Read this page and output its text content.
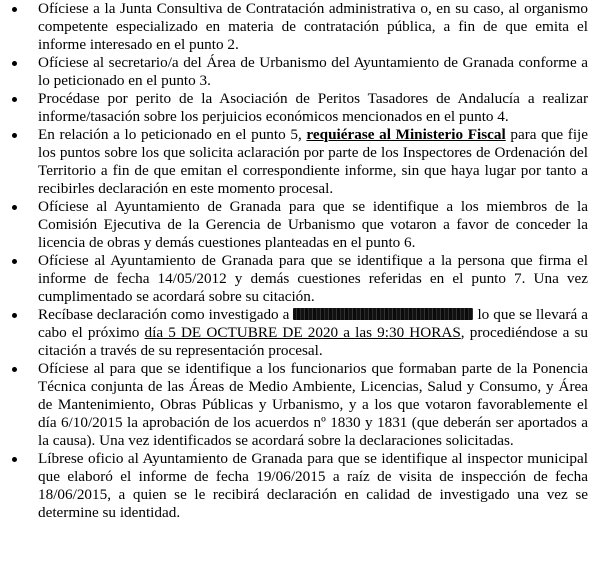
Ofíciese a la Junta Consultiva de Contratación administrativa o, en su caso, al organismo competente especializado en materia de contratación pública, a fin de que emita el informe interesado en el punto 2.
Ofíciese al secretario/a del Área de Urbanismo del Ayuntamiento de Granada conforme a lo peticionado en el punto 3.
Procédase por perito de la Asociación de Peritos Tasadores de Andalucía a realizar informe/tasación sobre los perjuicios económicos mencionados en el punto 4.
En relación a lo peticionado en el punto 5, requiérase al Ministerio Fiscal para que fije los puntos sobre los que solicita aclaración por parte de los Inspectores de Ordenación del Territorio a fin de que emitan el correspondiente informe, sin que haya lugar por tanto a recibirles declaración en este momento procesal.
Ofíciese al Ayuntamiento de Granada para que se identifique a los miembros de la Comisión Ejecutiva de la Gerencia de Urbanismo que votaron a favor de conceder la licencia de obras y demás cuestiones planteadas en el punto 6.
Ofíciese al Ayuntamiento de Granada para que se identifique a la persona que firma el informe de fecha 14/05/2012 y demás cuestiones referidas en el punto 7. Una vez cumplimentado se acordará sobre su citación.
Recíbase declaración como investigado a	lo que se llevará a cabo el próximo día 5 DE OCTUBRE DE 2020 a las 9:30 HORAS, procediéndose a su citación a través de su representación procesal.
Ofíciese al para que se identifique a los funcionarios que formaban parte de la Ponencia Técnica conjunta de las Áreas de Medio Ambiente, Licencias, Salud y Consumo, y Área de Mantenimiento, Obras Públicas y Urbanismo, y a los que votaron favorablemente el día 6/10/2015 la aprobación de los acuerdos nº 1830 y 1831 (que deberán ser aportados a la causa). Una vez identificados se acordará sobre la declaraciones solicitadas.
Líbrese oficio al Ayuntamiento de Granada para que se identifique al inspector municipal que elaboró el informe de fecha 19/06/2015 a raíz de visita de inspección de fecha 18/06/2015, a quien se le recibirá declaración en calidad de investigado una vez se determine su identidad.
